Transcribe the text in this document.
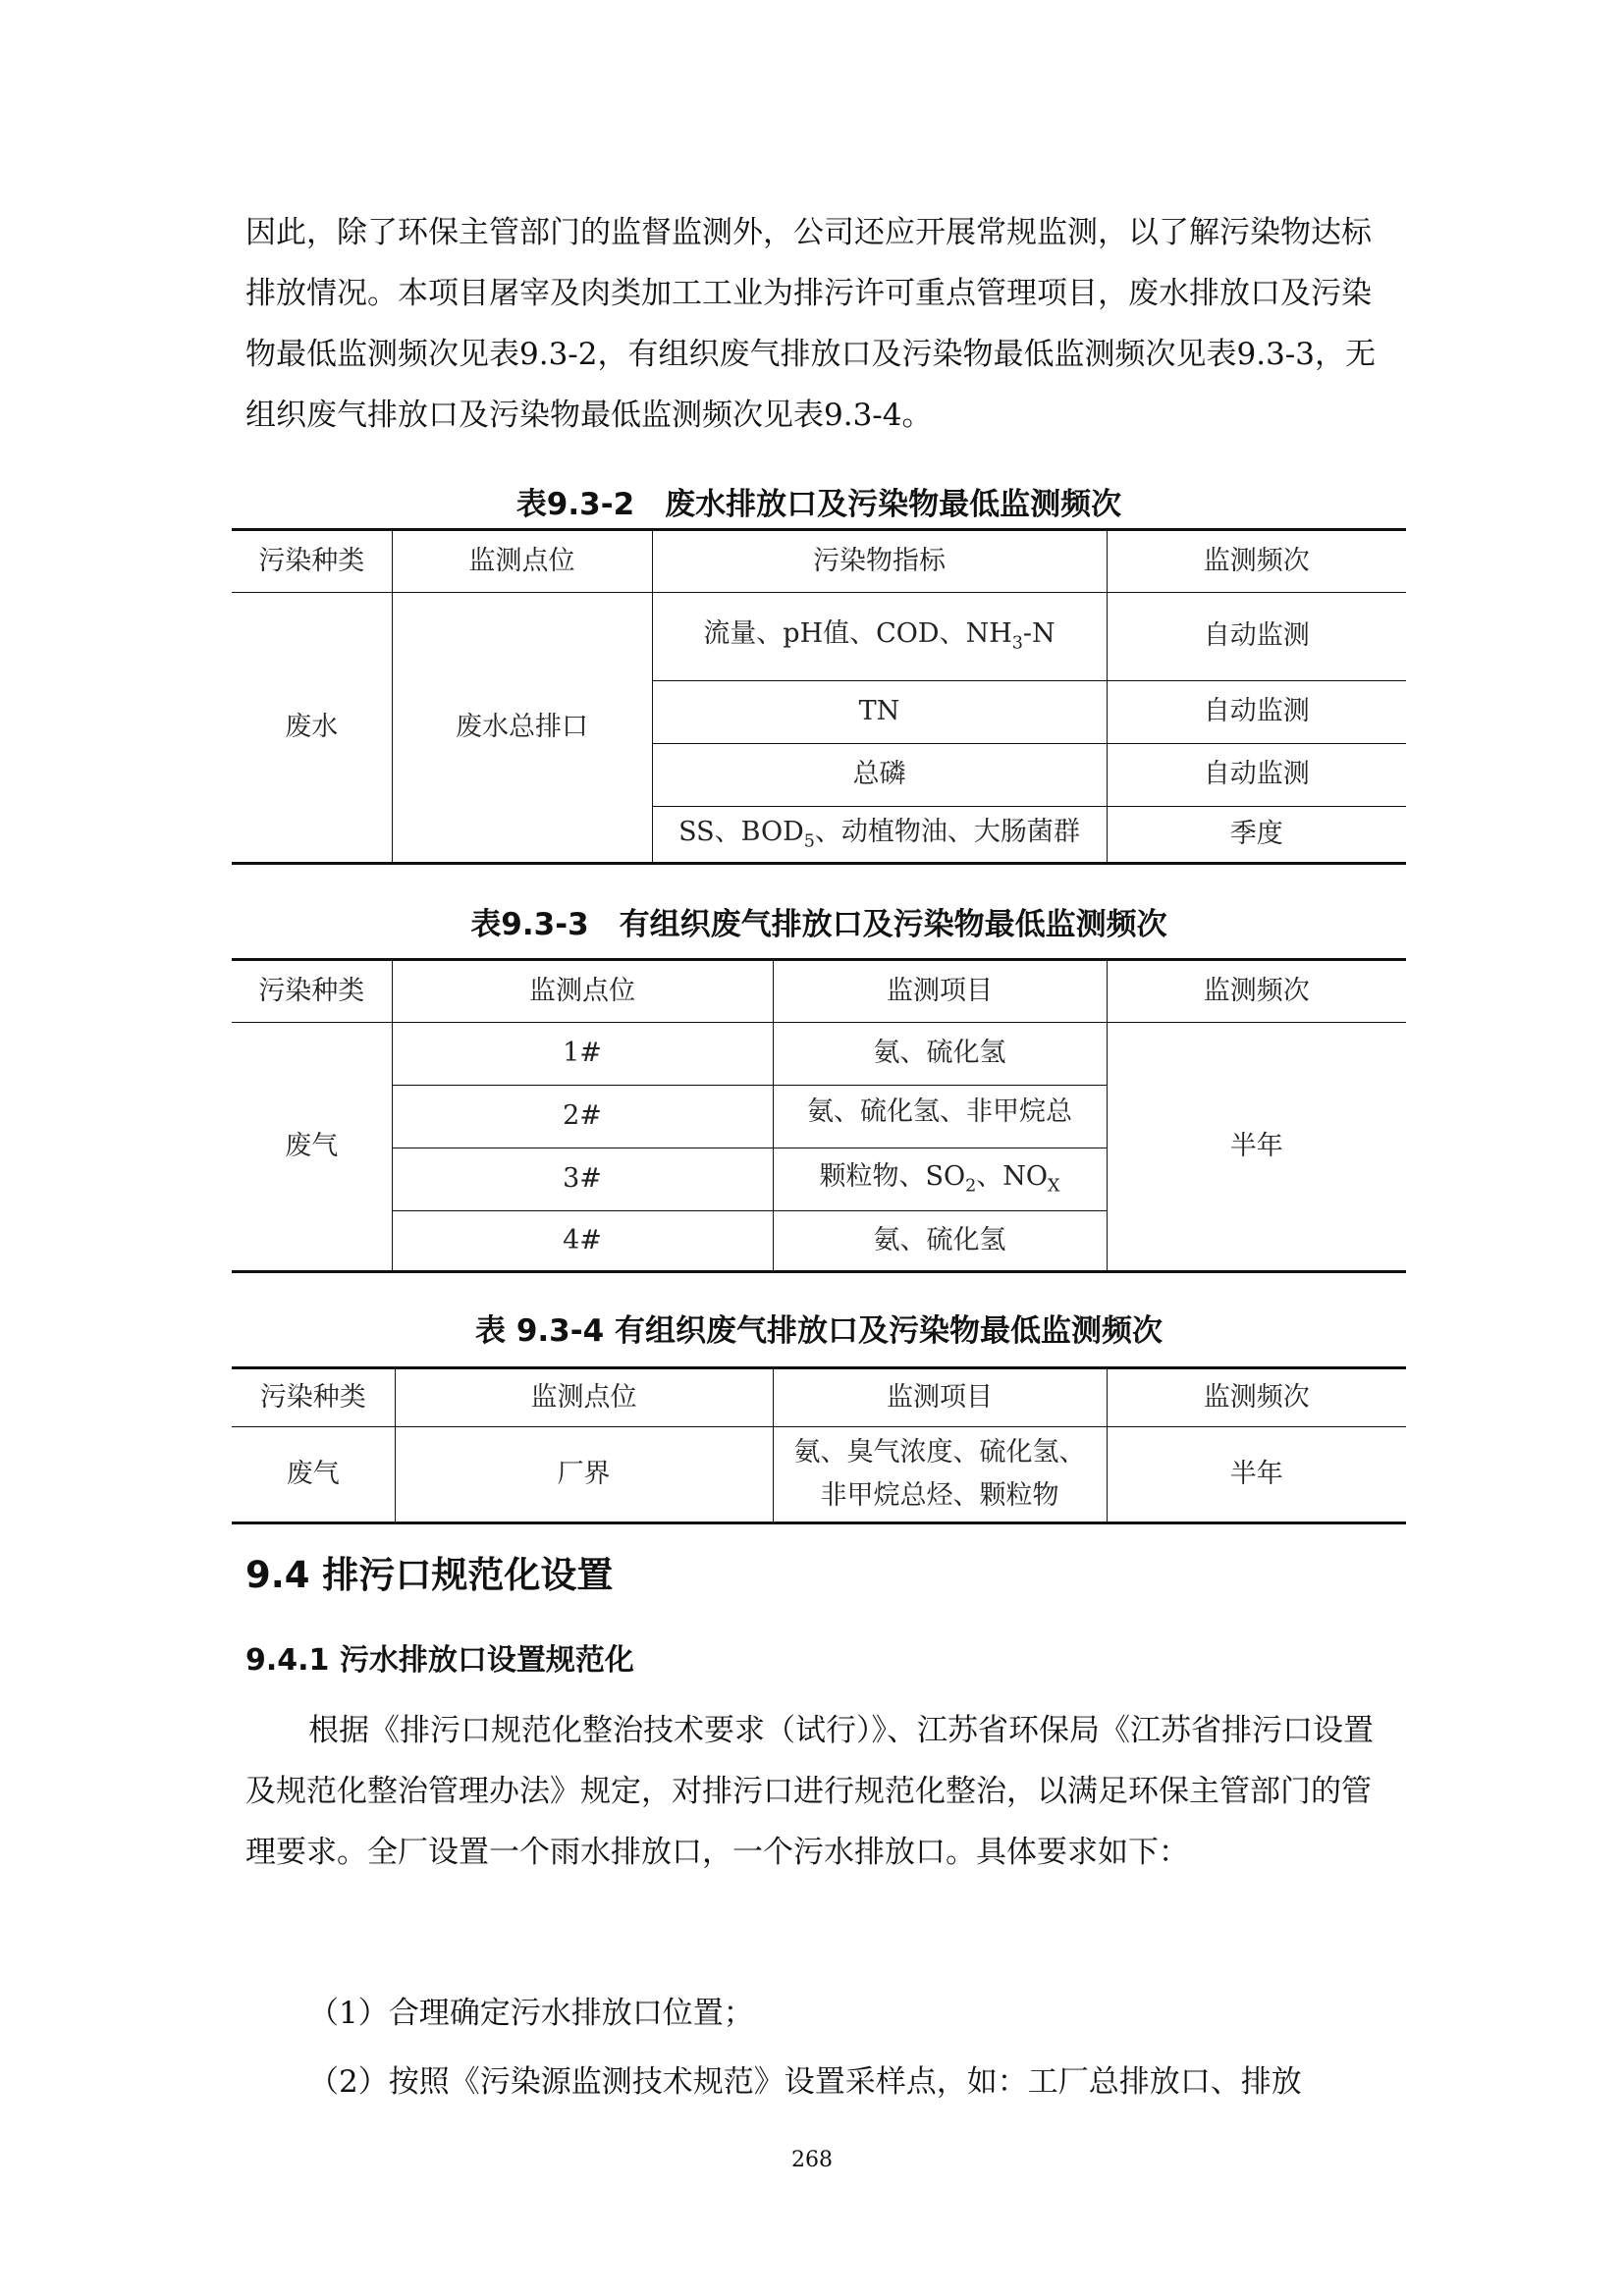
因此，除了环保主管部门的监督监测外，公司还应开展常规监测，以了解污染物达标排放情况。本项目屠宰及肉类加工工业为排污许可重点管理项目，废水排放口及污染物最低监测频次见表9.3-2，有组织废气排放口及污染物最低监测频次见表9.3-3，无组织废气排放口及污染物最低监测频次见表9.3-4。

表9.3-2　废水排放口及污染物最低监测频次

污染种类	监测点位	污染物指标	监测频次
废水	废水总排口	流量、pH值、COD、$NH_3-N$	自动监测
		TN	自动监测
		总磷	自动监测
		SS、$BOD_5$、动植物油、大肠菌群	季度

表9.3-3　有组织废气排放口及污染物最低监测频次

污染种类	监测点位	监测项目	监测频次
废气	1#	氨、硫化氢	半年
	2#	氨、硫化氢、非甲烷总	

	3#	颗粒物、$SO_2$、$NO_X$
	4#	氨、硫化氢	

表 9.3-4 有组织废气排放口及污染物最低监测频次

污染种类	监测点位	监测项目	监测频次
废气	厂界	氨、臭气浓度、硫化氢、
非甲烷总烃、颗粒物	半年

9.4 排污口规范化设置

9.4.1 污水排放口设置规范化

根据《排污口规范化整治技术要求（试行）》、江苏省环保局《江苏省排污口设置及规范化整治管理办法》规定，对排污口进行规范化整治，以满足环保主管部门的管理要求。全厂设置一个雨水排放口，一个污水排放口。具体要求如下：

（1）合理确定污水排放口位置；

（2）按照《污染源监测技术规范》设置采样点，如：工厂总排放口、排放

268
